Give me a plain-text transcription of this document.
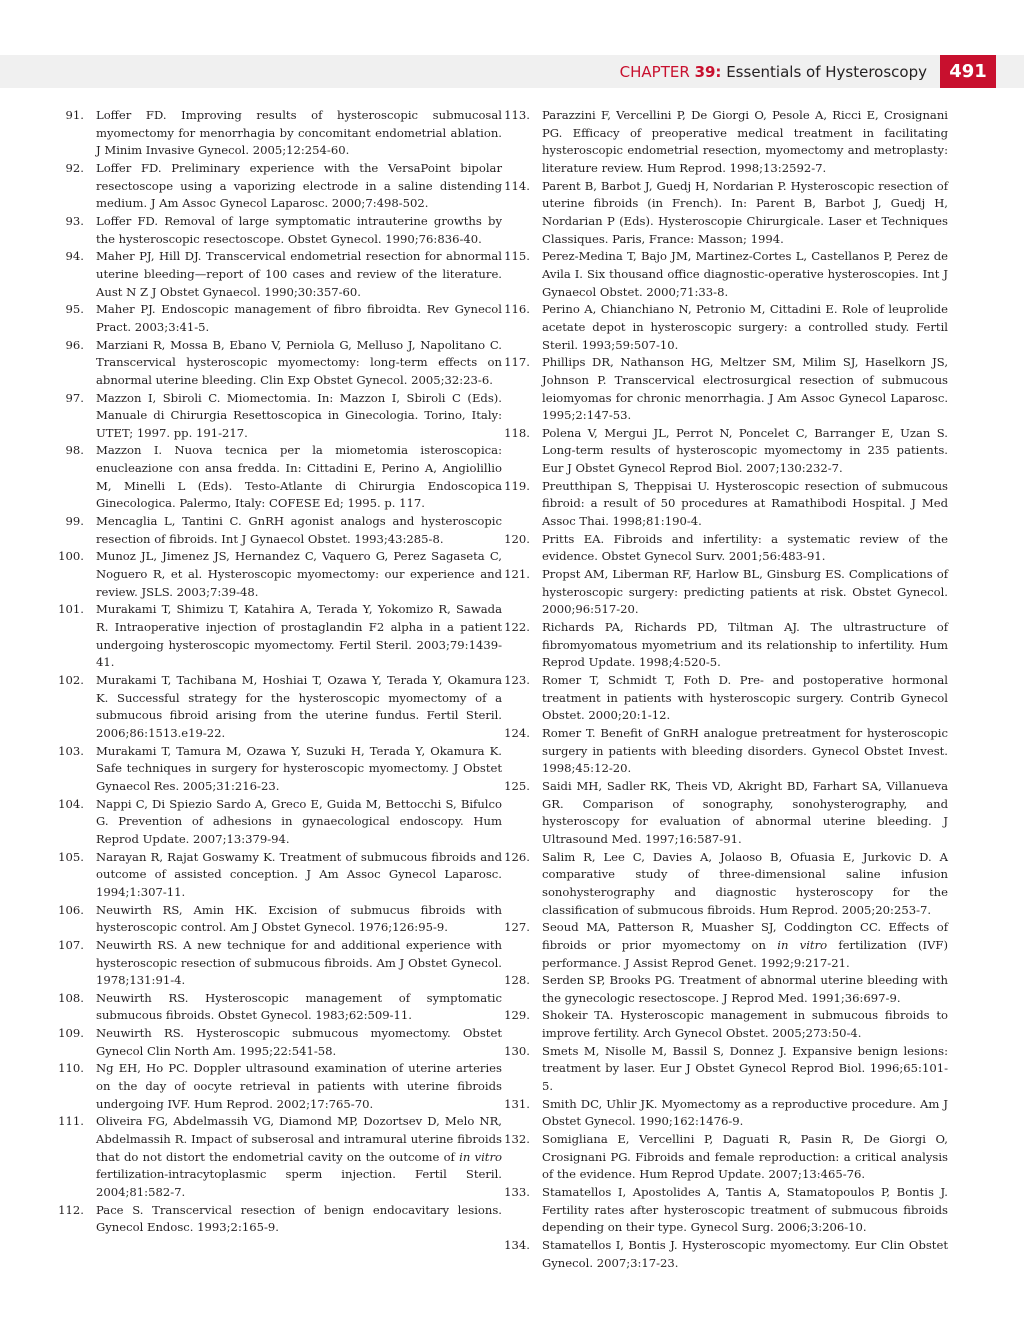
CHAPTER 39: Essentials of Hysteroscopy	491
91.	Loffer FD. Improving results of hysteroscopic submucosal myomectomy for menorrhagia by concomitant endometrial ablation. J Minim Invasive Gynecol. 2005;12:254-60.
92.	Loffer FD. Preliminary experience with the VersaPoint bipolar resectoscope using a vaporizing electrode in a saline distending medium. J Am Assoc Gynecol Laparosc. 2000;7:498-502.
93.	Loffer FD. Removal of large symptomatic intrauterine growths by the hysteroscopic resectoscope. Obstet Gynecol. 1990;76:836-40.
94.	Maher PJ, Hill DJ. Transcervical endometrial resection for abnormal uterine bleeding—report of 100 cases and review of the literature. Aust N Z J Obstet Gynaecol. 1990;30:357-60.
95.	Maher PJ. Endoscopic management of fibro fibroidta. Rev Gynecol Pract. 2003;3:41-5.
96.	Marziani R, Mossa B, Ebano V, Perniola G, Melluso J, Napolitano C. Transcervical hysteroscopic myomectomy: long-term effects on abnormal uterine bleeding. Clin Exp Obstet Gynecol. 2005;32:23-6.
97.	Mazzon I, Sbiroli C. Miomectomia. In: Mazzon I, Sbiroli C (Eds). Manuale di Chirurgia Resettoscopica in Ginecologia. Torino, Italy: UTET; 1997. pp. 191-217.
98.	Mazzon I. Nuova tecnica per la miometomia isteroscopica: enucleazione con ansa fredda. In: Cittadini E, Perino A, Angiolillio M, Minelli L (Eds). Testo-Atlante di Chirurgia Endoscopica Ginecologica. Palermo, Italy: COFESE Ed; 1995. p. 117.
99.	Mencaglia L, Tantini C. GnRH agonist analogs and hysteroscopic resection of fibroids. Int J Gynaecol Obstet. 1993;43:285-8.
100.	Munoz JL, Jimenez JS, Hernandez C, Vaquero G, Perez Sagaseta C, Noguero R, et al. Hysteroscopic myomectomy: our experience and review. JSLS. 2003;7:39-48.
101.	Murakami T, Shimizu T, Katahira A, Terada Y, Yokomizo R, Sawada R. Intraoperative injection of prostaglandin F2 alpha in a patient undergoing hysteroscopic myomectomy. Fertil Steril. 2003;79:1439-41.
102.	Murakami T, Tachibana M, Hoshiai T, Ozawa Y, Terada Y, Okamura K. Successful strategy for the hysteroscopic myomectomy of a submucous fibroid arising from the uterine fundus. Fertil Steril. 2006;86:1513.e19-22.
103.	Murakami T, Tamura M, Ozawa Y, Suzuki H, Terada Y, Okamura K. Safe techniques in surgery for hysteroscopic myomectomy. J Obstet Gynaecol Res. 2005;31:216-23.
104.	Nappi C, Di Spiezio Sardo A, Greco E, Guida M, Bettocchi S, Bifulco G. Prevention of adhesions in gynaecological endoscopy. Hum Reprod Update. 2007;13:379-94.
105.	Narayan R, Rajat Goswamy K. Treatment of submucous fibroids and outcome of assisted conception. J Am Assoc Gynecol Laparosc. 1994;1:307-11.
106.	Neuwirth RS, Amin HK. Excision of submucus fibroids with hysteroscopic control. Am J Obstet Gynecol. 1976;126:95-9.
107.	Neuwirth RS. A new technique for and additional experience with hysteroscopic resection of submucous fibroids. Am J Obstet Gynecol. 1978;131:91-4.
108.	Neuwirth RS. Hysteroscopic management of symptomatic submucous fibroids. Obstet Gynecol. 1983;62:509-11.
109.	Neuwirth RS. Hysteroscopic submucous myomectomy. Obstet Gynecol Clin North Am. 1995;22:541-58.
110.	Ng EH, Ho PC. Doppler ultrasound examination of uterine arteries on the day of oocyte retrieval in patients with uterine fibroids undergoing IVF. Hum Reprod. 2002;17:765-70.
111.	Oliveira FG, Abdelmassih VG, Diamond MP, Dozortsev D, Melo NR, Abdelmassih R. Impact of subserosal and intramural uterine fibroids that do not distort the endometrial cavity on the outcome of in vitro fertilization-intracytoplasmic sperm injection. Fertil Steril. 2004;81:582-7.
112.	Pace S. Transcervical resection of benign endocavitary lesions. Gynecol Endosc. 1993;2:165-9.
113.	Parazzini F, Vercellini P, De Giorgi O, Pesole A, Ricci E, Crosignani PG. Efficacy of preoperative medical treatment in facilitating hysteroscopic endometrial resection, myomectomy and metroplasty: literature review. Hum Reprod. 1998;13:2592-7.
114.	Parent B, Barbot J, Guedj H, Nordarian P. Hysteroscopic resection of uterine fibroids (in French). In: Parent B, Barbot J, Guedj H, Nordarian P (Eds). Hysteroscopie Chirurgicale. Laser et Techniques Classiques. Paris, France: Masson; 1994.
115.	Perez-Medina T, Bajo JM, Martinez-Cortes L, Castellanos P, Perez de Avila I. Six thousand office diagnostic-operative hysteroscopies. Int J Gynaecol Obstet. 2000;71:33-8.
116.	Perino A, Chianchiano N, Petronio M, Cittadini E. Role of leuprolide acetate depot in hysteroscopic surgery: a controlled study. Fertil Steril. 1993;59:507-10.
117.	Phillips DR, Nathanson HG, Meltzer SM, Milim SJ, Haselkorn JS, Johnson P. Transcervical electrosurgical resection of submucous leiomyomas for chronic menorrhagia. J Am Assoc Gynecol Laparosc. 1995;2:147-53.
118.	Polena V, Mergui JL, Perrot N, Poncelet C, Barranger E, Uzan S. Long-term results of hysteroscopic myomectomy in 235 patients. Eur J Obstet Gynecol Reprod Biol. 2007;130:232-7.
119.	Preutthipan S, Theppisai U. Hysteroscopic resection of submucous fibroid: a result of 50 procedures at Ramathibodi Hospital. J Med Assoc Thai. 1998;81:190-4.
120.	Pritts EA. Fibroids and infertility: a systematic review of the evidence. Obstet Gynecol Surv. 2001;56:483-91.
121.	Propst AM, Liberman RF, Harlow BL, Ginsburg ES. Complications of hysteroscopic surgery: predicting patients at risk. Obstet Gynecol. 2000;96:517-20.
122.	Richards PA, Richards PD, Tiltman AJ. The ultrastructure of fibromyomatous myometrium and its relationship to infertility. Hum Reprod Update. 1998;4:520-5.
123.	Romer T, Schmidt T, Foth D. Pre- and postoperative hormonal treatment in patients with hysteroscopic surgery. Contrib Gynecol Obstet. 2000;20:1-12.
124.	Romer T. Benefit of GnRH analogue pretreatment for hysteroscopic surgery in patients with bleeding disorders. Gynecol Obstet Invest. 1998;45:12-20.
125.	Saidi MH, Sadler RK, Theis VD, Akright BD, Farhart SA, Villanueva GR. Comparison of sonography, sonohysterography, and hysteroscopy for evaluation of abnormal uterine bleeding. J Ultrasound Med. 1997;16:587-91.
126.	Salim R, Lee C, Davies A, Jolaoso B, Ofuasia E, Jurkovic D. A comparative study of three-dimensional saline infusion sonohysterography and diagnostic hysteroscopy for the classification of submucous fibroids. Hum Reprod. 2005;20:253-7.
127.	Seoud MA, Patterson R, Muasher SJ, Coddington CC. Effects of fibroids or prior myomectomy on in vitro fertilization (IVF) performance. J Assist Reprod Genet. 1992;9:217-21.
128.	Serden SP, Brooks PG. Treatment of abnormal uterine bleeding with the gynecologic resectoscope. J Reprod Med. 1991;36:697-9.
129.	Shokeir TA. Hysteroscopic management in submucous fibroids to improve fertility. Arch Gynecol Obstet. 2005;273:50-4.
130.	Smets M, Nisolle M, Bassil S, Donnez J. Expansive benign lesions: treatment by laser. Eur J Obstet Gynecol Reprod Biol. 1996;65:101-5.
131.	Smith DC, Uhlir JK. Myomectomy as a reproductive procedure. Am J Obstet Gynecol. 1990;162:1476-9.
132.	Somigliana E, Vercellini P, Daguati R, Pasin R, De Giorgi O, Crosignani PG. Fibroids and female reproduction: a critical analysis of the evidence. Hum Reprod Update. 2007;13:465-76.
133.	Stamatellos I, Apostolides A, Tantis A, Stamatopoulos P, Bontis J. Fertility rates after hysteroscopic treatment of submucous fibroids depending on their type. Gynecol Surg. 2006;3:206-10.
134.	Stamatellos I, Bontis J. Hysteroscopic myomectomy. Eur Clin Obstet Gynecol. 2007;3:17-23.
